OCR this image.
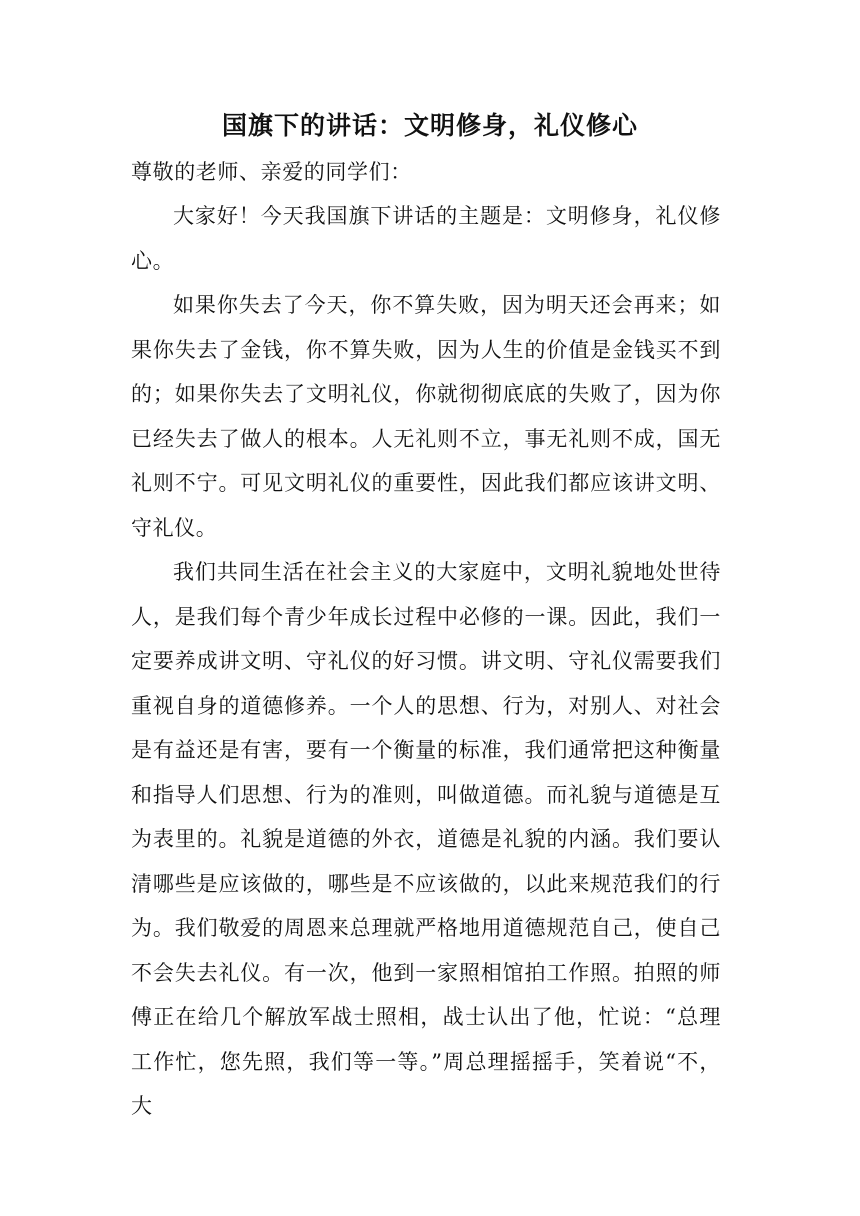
国旗下的讲话：文明修身，礼仪修心
尊敬的老师、亲爱的同学们：

大家好！今天我国旗下讲话的主题是：文明修身，礼仪修心。

如果你失去了今天，你不算失败，因为明天还会再来；如果你失去了金钱，你不算失败，因为人生的价值是金钱买不到的；如果你失去了文明礼仪，你就彻彻底底的失败了，因为你已经失去了做人的根本。人无礼则不立，事无礼则不成，国无礼则不宁。可见文明礼仪的重要性，因此我们都应该讲文明、守礼仪。

我们共同生活在社会主义的大家庭中，文明礼貌地处世待人，是我们每个青少年成长过程中必修的一课。因此，我们一定要养成讲文明、守礼仪的好习惯。讲文明、守礼仪需要我们重视自身的道德修养。一个人的思想、行为，对别人、对社会是有益还是有害，要有一个衡量的标准，我们通常把这种衡量和指导人们思想、行为的准则，叫做道德。而礼貌与道德是互为表里的。礼貌是道德的外衣，道德是礼貌的内涵。我们要认清哪些是应该做的，哪些是不应该做的，以此来规范我们的行为。我们敬爱的周恩来总理就严格地用道德规范自己，使自己不会失去礼仪。有一次，他到一家照相馆拍工作照。拍照的师傅正在给几个解放军战士照相，战士认出了他，忙说：“总理工作忙，您先照，我们等一等。”周总理摇摇手，笑着说“不，大
